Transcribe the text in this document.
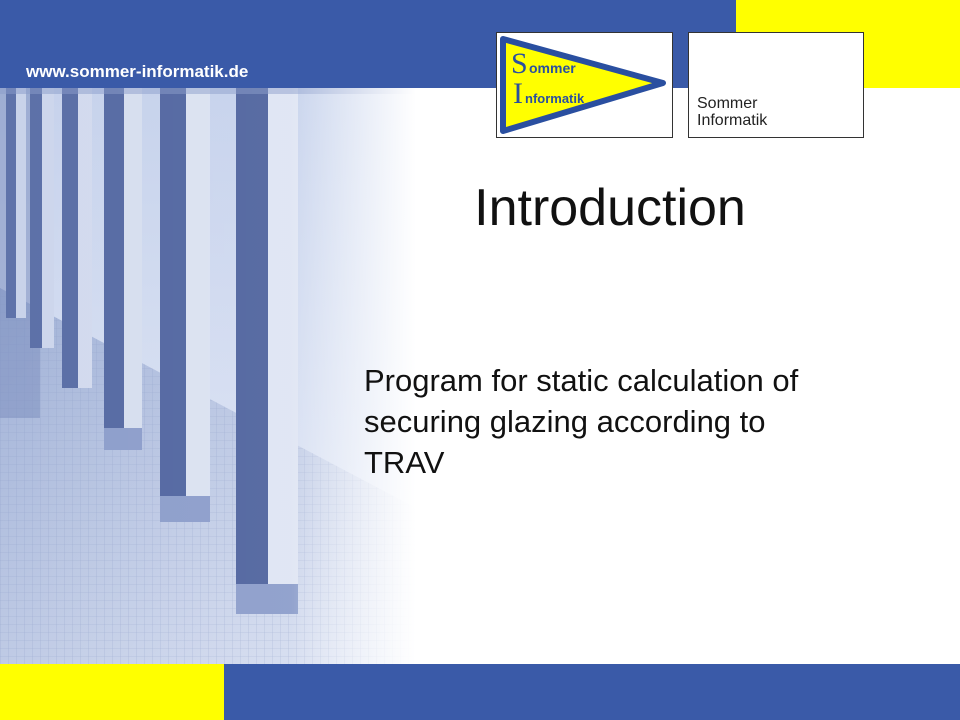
www.sommer-informatik.de	S ommer
I nformatik	Sommer
Informatik
Introduction
Program for static calculation of
securing glazing according to
TRAV
